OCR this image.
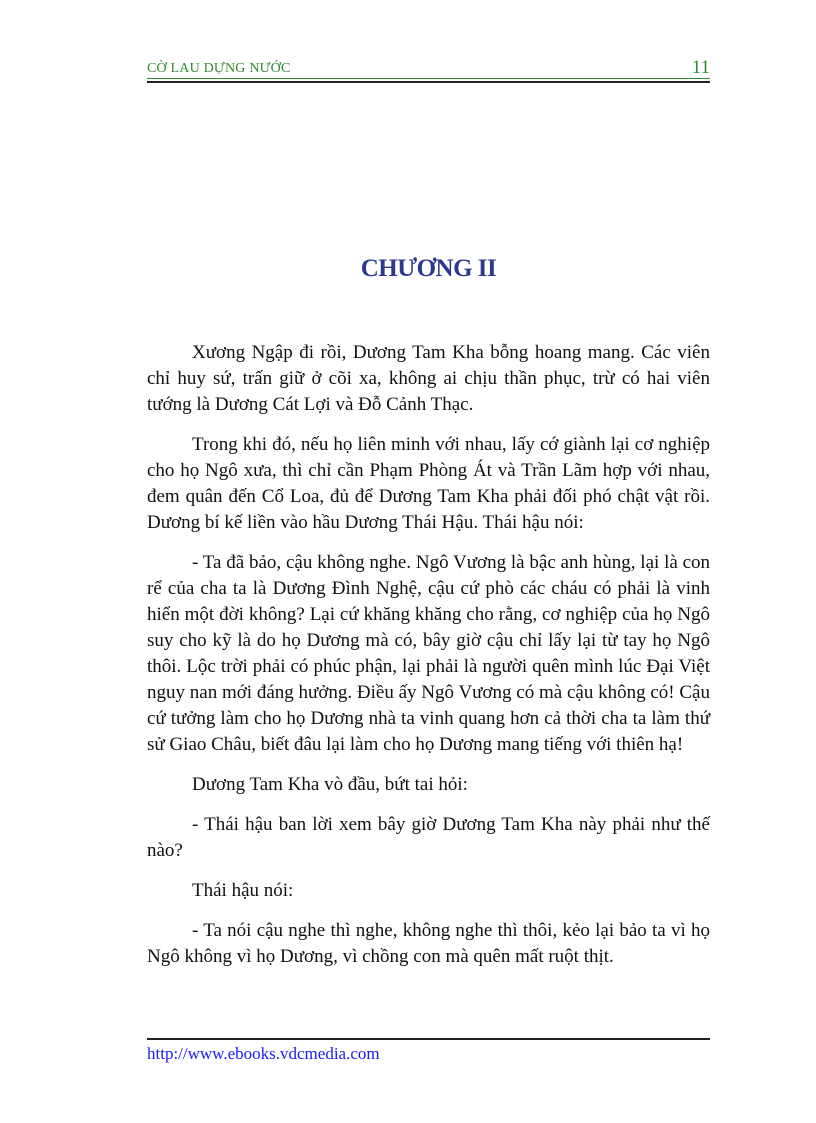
CỜ LAU DỰNG NƯỚC	11
CHƯƠNG II

Xương Ngập đi rồi, Dương Tam Kha bỗng hoang mang. Các viên chỉ huy sứ, trấn giữ ở cõi xa, không ai chịu thần phục, trừ có hai viên tướng là Dương Cát Lợi và Đỗ Cảnh Thạc.

Trong khi đó, nếu họ liên minh với nhau, lấy cớ giành lại cơ nghiệp cho họ Ngô xưa, thì chỉ cần Phạm Phòng Át và Trần Lãm hợp với nhau, đem quân đến Cổ Loa, đủ để Dương Tam Kha phải đối phó chật vật rồi. Dương bí kế liền vào hầu Dương Thái Hậu. Thái hậu nói:

- Ta đã bảo, cậu không nghe. Ngô Vương là bậc anh hùng, lại là con rể của cha ta là Dương Đình Nghệ, cậu cứ phò các cháu có phải là vinh hiển một đời không? Lại cứ khăng khăng cho rằng, cơ nghiệp của họ Ngô suy cho kỹ là do họ Dương mà có, bây giờ cậu chỉ lấy lại từ tay họ Ngô thôi. Lộc trời phải có phúc phận, lại phải là người quên mình lúc Đại Việt nguy nan mới đáng hưởng. Điều ấy Ngô Vương có mà cậu không có! Cậu cứ tưởng làm cho họ Dương nhà ta vinh quang hơn cả thời cha ta làm thứ sử Giao Châu, biết đâu lại làm cho họ Dương mang tiếng với thiên hạ!

Dương Tam Kha vò đầu, bứt tai hỏi:

- Thái hậu ban lời xem bây giờ Dương Tam Kha này phải như thế nào?

Thái hậu nói:

- Ta nói cậu nghe thì nghe, không nghe thì thôi, kẻo lại bảo ta vì họ Ngô không vì họ Dương, vì chồng con mà quên mất ruột thịt.

http://www.ebooks.vdcmedia.com
